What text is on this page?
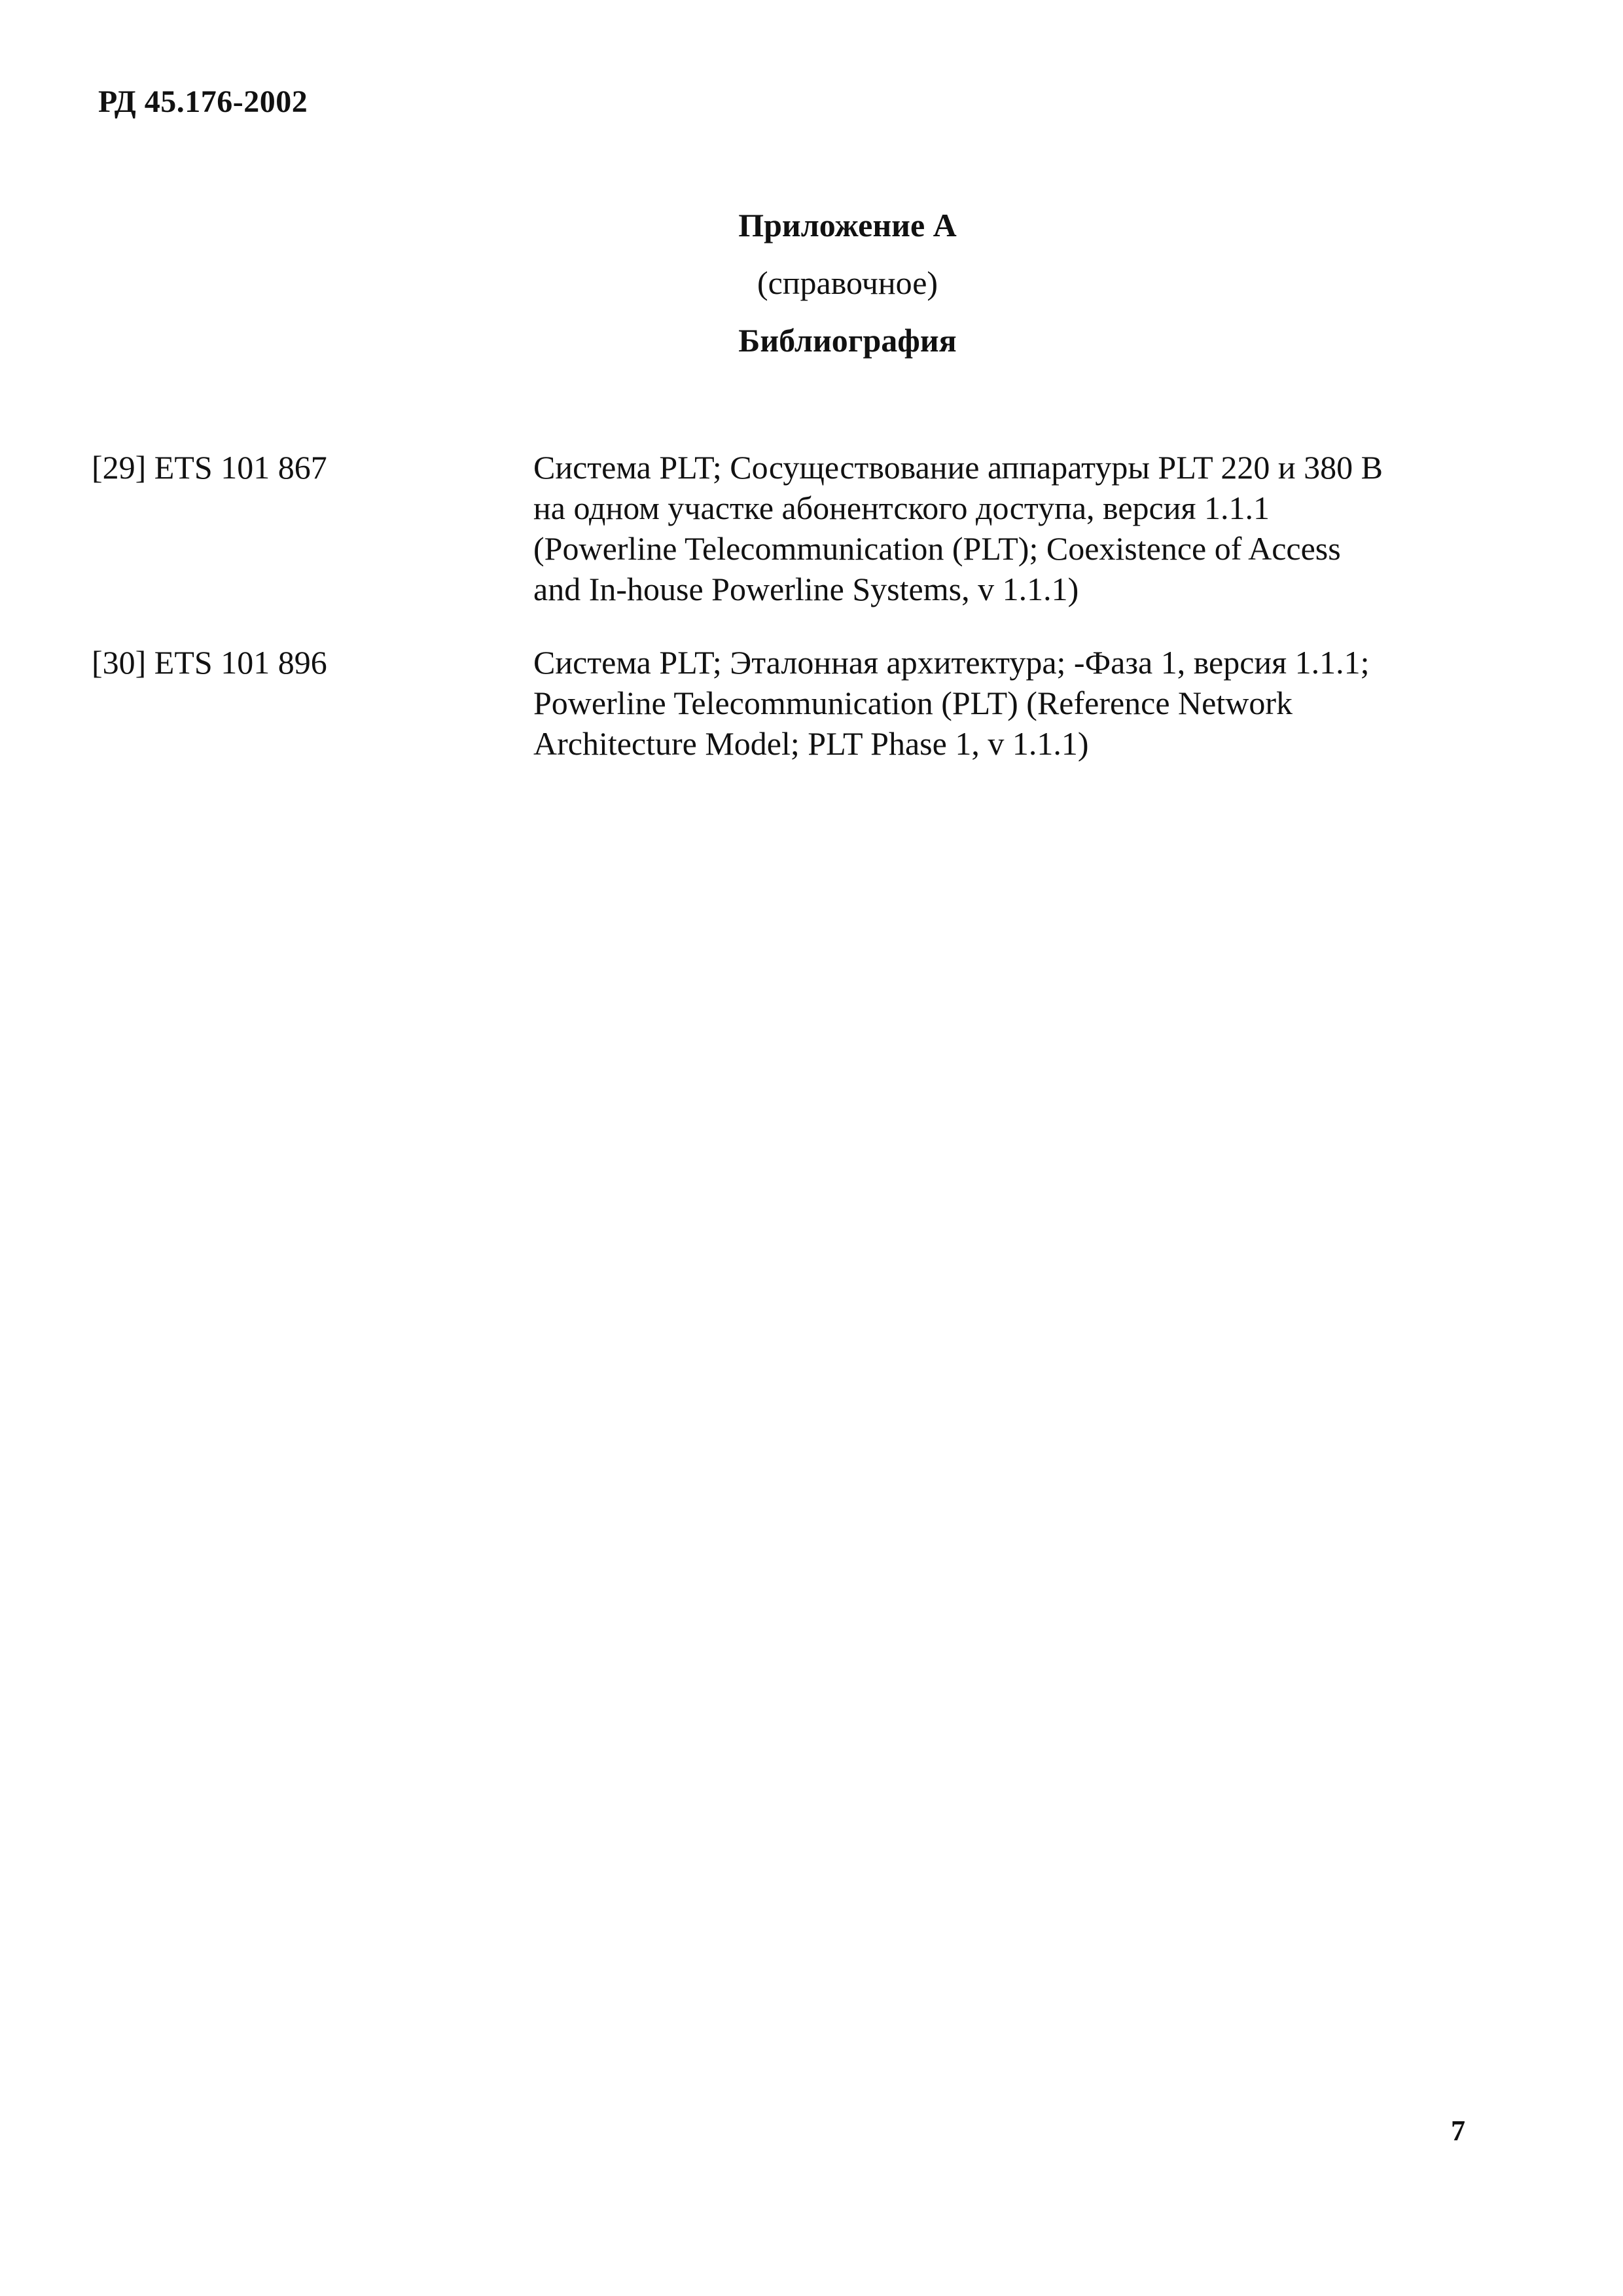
РД 45.176-2002
Приложение А
(справочное)
Библиография
[29] ETS 101 867	Система PLT; Сосуществование аппаратуры PLT 220 и 380 В
на одном участке абонентского доступа, версия 1.1.1
(Powerline Telecommunication (PLT); Coexistence of Access
and In-house Powerline Systems, v 1.1.1)
[30] ETS 101 896	Система PLT; Эталонная архитектура; -Фаза 1, версия 1.1.1;
Powerline Telecommunication (PLT) (Reference Network
Architecture Model; PLT Phase 1, v 1.1.1)
7
